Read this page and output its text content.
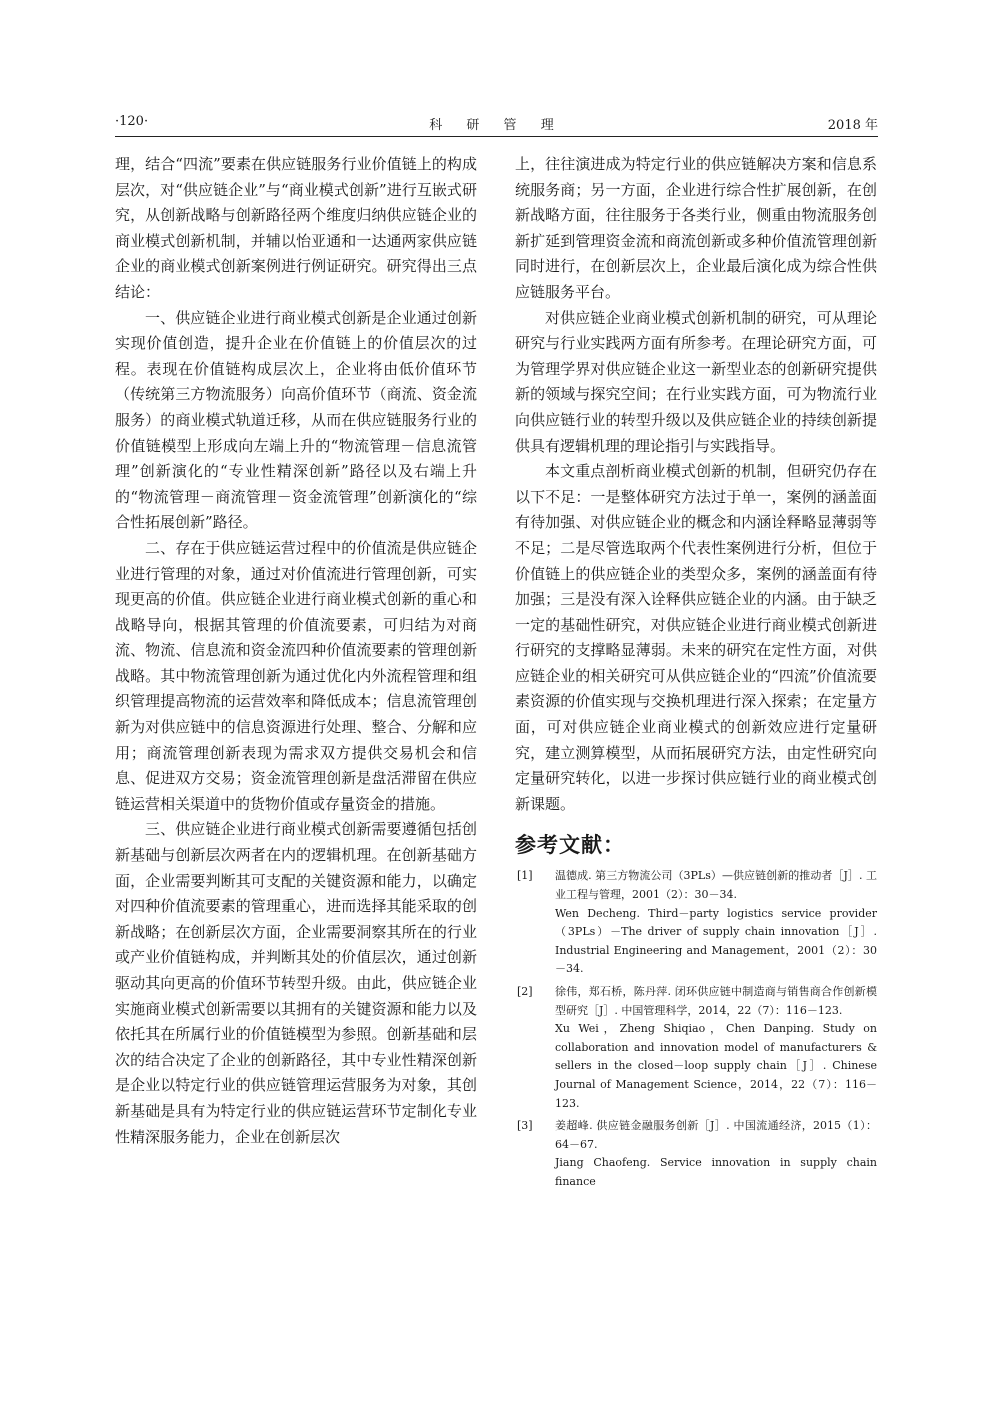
·120·	科 研 管 理	2018 年

理，结合“四流”要素在供应链服务行业价值链上的构成层次，对“供应链企业”与“商业模式创新”进行互嵌式研究，从创新战略与创新路径两个维度归纳供应链企业的商业模式创新机制，并辅以怡亚通和一达通两家供应链企业的商业模式创新案例进行例证研究。研究得出三点结论：

一、供应链企业进行商业模式创新是企业通过创新实现价值创造，提升企业在价值链上的价值层次的过程。表现在价值链构成层次上，企业将由低价值环节（传统第三方物流服务）向高价值环节（商流、资金流服务）的商业模式轨道迁移，从而在供应链服务行业的价值链模型上形成向左端上升的“物流管理－信息流管理”创新演化的“专业性精深创新”路径以及右端上升的“物流管理－商流管理－资金流管理”创新演化的“综合性拓展创新”路径。

二、存在于供应链运营过程中的价值流是供应链企业进行管理的对象，通过对价值流进行管理创新，可实现更高的价值。供应链企业进行商业模式创新的重心和战略导向，根据其管理的价值流要素，可归结为对商流、物流、信息流和资金流四种价值流要素的管理创新战略。其中物流管理创新为通过优化内外流程管理和组织管理提高物流的运营效率和降低成本；信息流管理创新为对供应链中的信息资源进行处理、整合、分解和应用；商流管理创新表现为需求双方提供交易机会和信息、促进双方交易；资金流管理创新是盘活滞留在供应链运营相关渠道中的货物价值或存量资金的措施。

三、供应链企业进行商业模式创新需要遵循包括创新基础与创新层次两者在内的逻辑机理。在创新基础方面，企业需要判断其可支配的关键资源和能力，以确定对四种价值流要素的管理重心，进而选择其能采取的创新战略；在创新层次方面，企业需要洞察其所在的行业或产业价值链构成，并判断其处的价值层次，通过创新驱动其向更高的价值环节转型升级。由此，供应链企业实施商业模式创新需要以其拥有的关键资源和能力以及依托其在所属行业的价值链模型为参照。创新基础和层次的结合决定了企业的创新路径，其中专业性精深创新是企业以特定行业的供应链管理运营服务为对象，其创新基础是具有为特定行业的供应链运营环节定制化专业性精深服务能力，企业在创新层次

上，往往演进成为特定行业的供应链解决方案和信息系统服务商；另一方面，企业进行综合性扩展创新，在创新战略方面，往往服务于各类行业，侧重由物流服务创新扩延到管理资金流和商流创新或多种价值流管理创新同时进行，在创新层次上，企业最后演化成为综合性供应链服务平台。

对供应链企业商业模式创新机制的研究，可从理论研究与行业实践两方面有所参考。在理论研究方面，可为管理学界对供应链企业这一新型业态的创新研究提供新的领域与探究空间；在行业实践方面，可为物流行业向供应链行业的转型升级以及供应链企业的持续创新提供具有逻辑机理的理论指引与实践指导。

本文重点剖析商业模式创新的机制，但研究仍存在以下不足：一是整体研究方法过于单一，案例的涵盖面有待加强、对供应链企业的概念和内涵诠释略显薄弱等不足；二是尽管选取两个代表性案例进行分析，但位于价值链上的供应链企业的类型众多，案例的涵盖面有待加强；三是没有深入诠释供应链企业的内涵。由于缺乏一定的基础性研究，对供应链企业进行商业模式创新进行研究的支撑略显薄弱。未来的研究在定性方面，对供应链企业的相关研究可从供应链企业的“四流”价值流要素资源的价值实现与交换机理进行深入探索；在定量方面，可对供应链企业商业模式的创新效应进行定量研究，建立测算模型，从而拓展研究方法，由定性研究向定量研究转化，以进一步探讨供应链行业的商业模式创新课题。

参考文献：
[1] 温德成. 第三方物流公司（3PLs）—供应链创新的推动者［J］. 工业工程与管理，2001（2）：30－34.
Wen Decheng. Third－party logistics service provider（3PLs）－The driver of supply chain innovation［J］. Industrial Engineering and Management，2001（2）：30－34.
[2] 徐伟，郑石桥，陈丹萍. 闭环供应链中制造商与销售商合作创新模型研究［J］. 中国管理科学，2014，22（7）：116－123.
Xu Wei，Zheng Shiqiao，Chen Danping. Study on collaboration and innovation model of manufacturers & sellers in the closed－loop supply chain［J］. Chinese Journal of Management Science，2014，22（7）：116－123.
[3] 姜超峰. 供应链金融服务创新［J］. 中国流通经济，2015（1）：64－67.
Jiang Chaofeng. Service innovation in supply chain finance
